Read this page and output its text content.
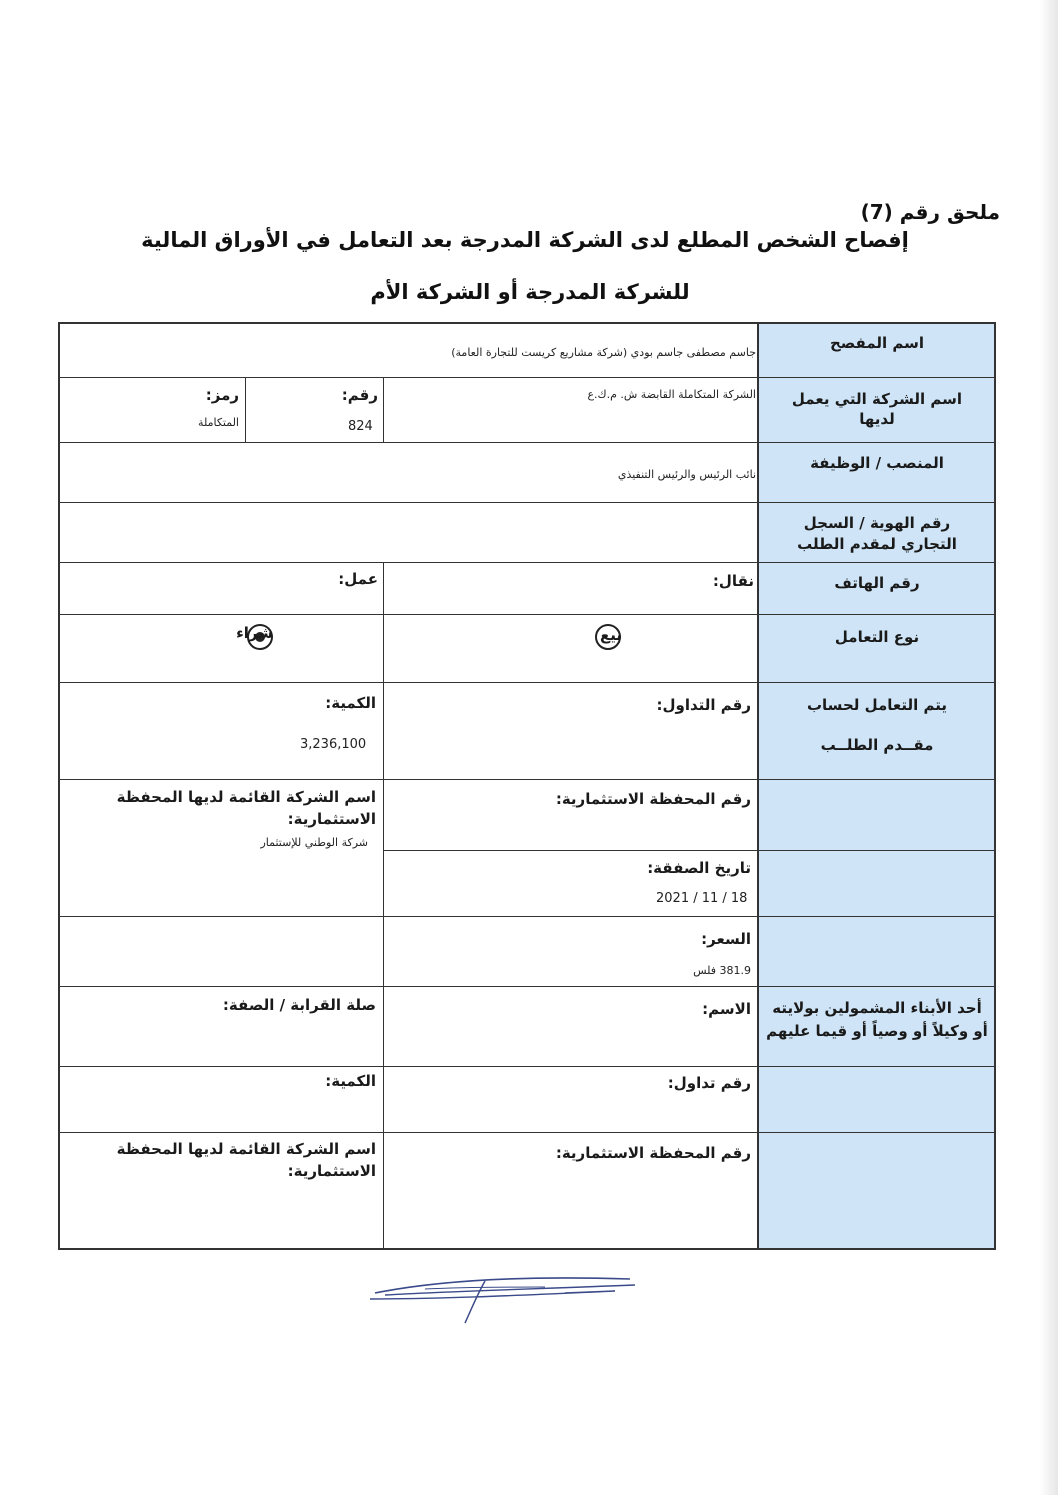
ملحق رقم (7)
إفصاح الشخص المطلع لدى الشركة المدرجة بعد التعامل في الأوراق المالية
للشركة المدرجة أو الشركة الأم
اسم المفصح
جاسم مصطفى جاسم بودي (شركة مشاريع كريست للتجارة العامة)
اسم الشركة التي يعمل
لديها
الشركة المتكاملة القابضة ش. م.ك.ع
رقم:
824
رمز:
المتكاملة
المنصب / الوظيفة
نائب الرئيس والرئيس التنفيذي
رقم الهوية / السجل
التجاري لمقدم الطلب
رقم الهاتف
نقال:
عمل:
نوع التعامل
بيع
شراء
يتم التعامل لحساب
مقــدم الطلــب
رقم التداول:
الكمية:
3,236,100
رقم المحفظة الاستثمارية:
اسم الشركة القائمة لديها المحفظة
الاستثمارية:
شركة الوطني للإستثمار
تاريخ الصفقة:
2021 / 11 / 18
السعر:
381.9 فلس
أحد الأبناء المشمولين بولايته
أو وكيلاً أو وصياً أو قيما عليهم
الاسم:
صلة القرابة / الصفة:
رقم تداول:
الكمية:
رقم المحفظة الاستثمارية:
اسم الشركة القائمة لديها المحفظة
الاستثمارية:
